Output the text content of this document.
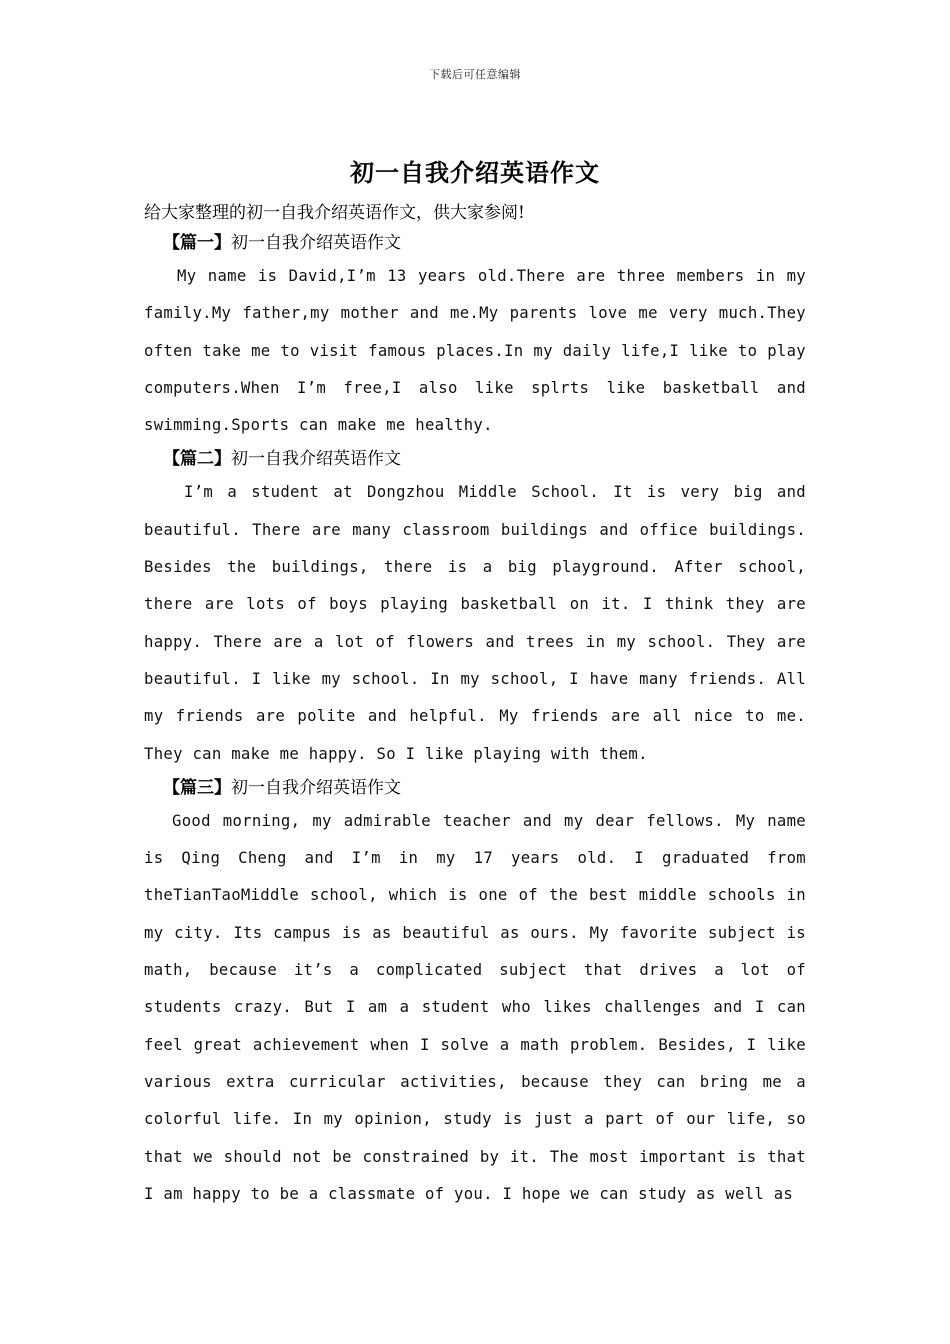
下载后可任意编辑
初一自我介绍英语作文

给大家整理的初一自我介绍英语作文，供大家参阅!

【篇一】初一自我介绍英语作文

My name is David,I’m 13 years old.There are three members in my family.My father,my mother and me.My parents love me very much.They often take me to visit famous places.In my daily life,I like to play computers.When I’m free,I also like splrts like basketball and swimming.Sports can make me healthy.

【篇二】初一自我介绍英语作文

I’m a student at Dongzhou Middle School. It is very big and beautiful. There are many classroom buildings and office buildings. Besides the buildings, there is a big playground. After school, there are lots of boys playing basketball on it. I think they are happy. There are a lot of flowers and trees in my school. They are beautiful. I like my school. In my school, I have many friends. All my friends are polite and helpful. My friends are all nice to me. They can make me happy. So I like playing with them.

【篇三】初一自我介绍英语作文

Good morning, my admirable teacher and my dear fellows. My name is Qing Cheng and I’m in my 17 years old. I graduated from theTianTaoMiddle school, which is one of the best middle schools in my city. Its campus is as beautiful as ours. My favorite subject is math, because it’s a complicated subject that drives a lot of students crazy. But I am a student who likes challenges and I can feel great achievement when I solve a math problem. Besides, I like various extra curricular activities, because they can bring me a colorful life. In my opinion, study is just a part of our life, so that we should not be constrained by it. The most important is that I am happy to be a classmate of you. I hope we can study as well as
